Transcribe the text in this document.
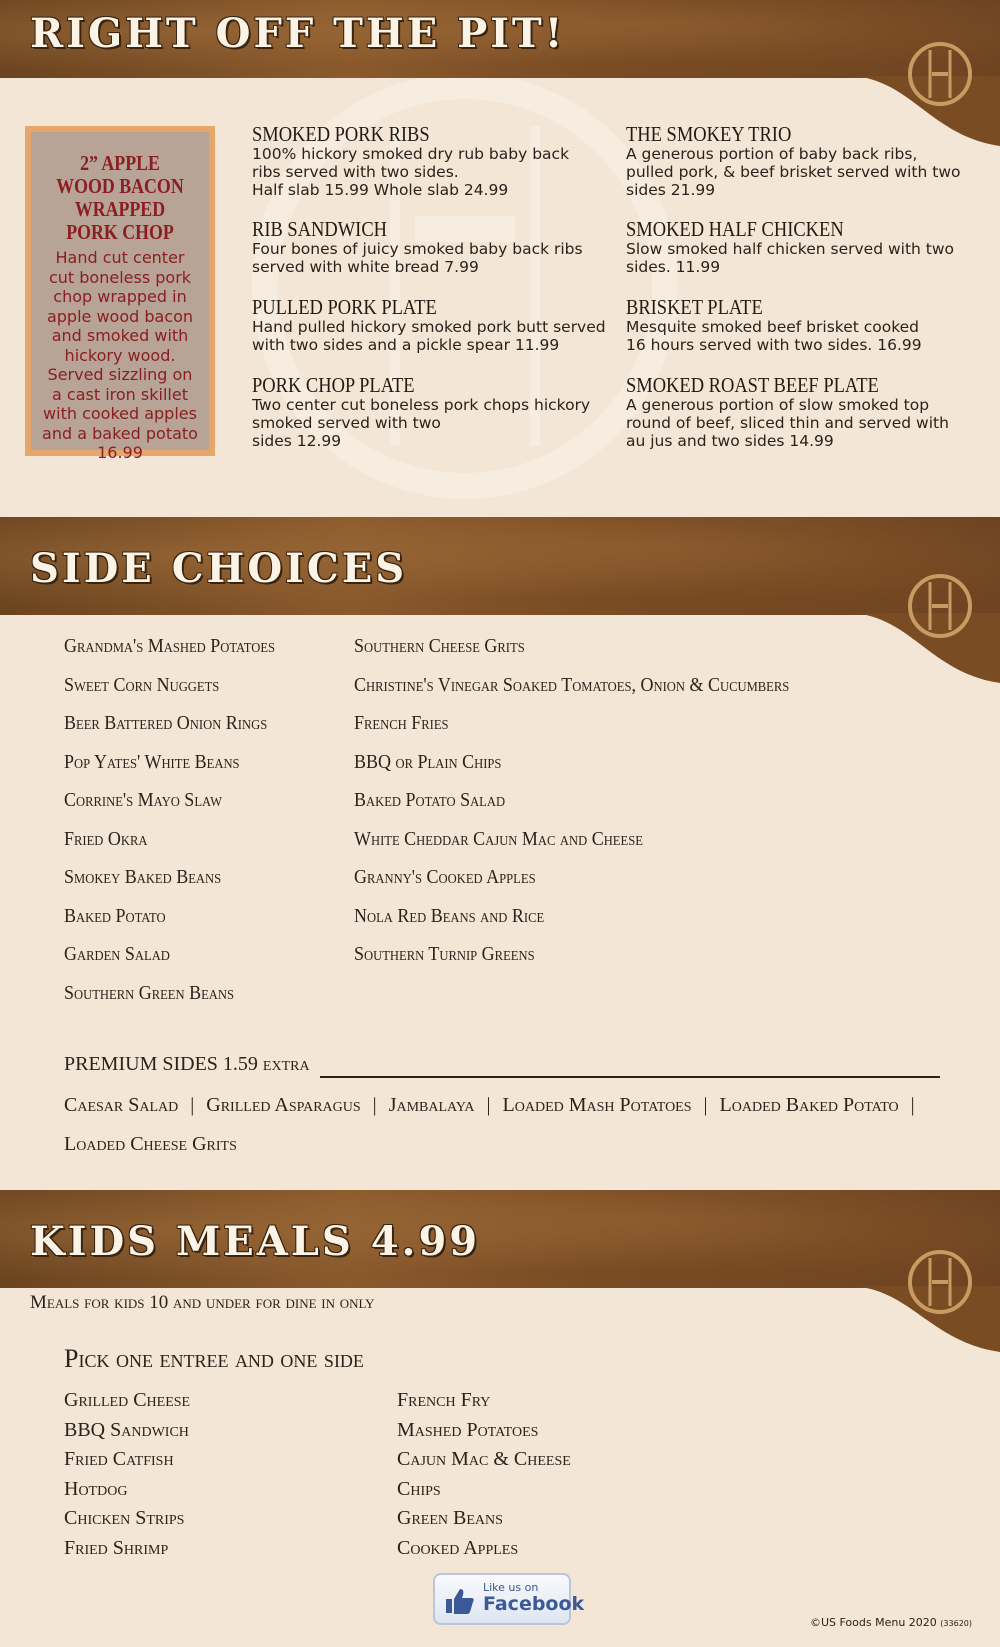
RIGHT OFF THE PIT!
2” APPLE WOOD BACON WRAPPED PORK CHOP
Hand cut center cut boneless pork chop wrapped in apple wood bacon and smoked with hickory wood. Served sizzling on a cast iron skillet with cooked apples and a baked potato 16.99
SMOKED PORK RIBS
100% hickory smoked dry rub baby back
ribs served with two sides.
Half slab 15.99 Whole slab 24.99
RIB SANDWICH
Four bones of juicy smoked baby back ribs
served with white bread 7.99
PULLED PORK PLATE
Hand pulled hickory smoked pork butt served
with two sides and a pickle spear 11.99
PORK CHOP PLATE
Two center cut boneless pork chops hickory
smoked served with two
sides 12.99
THE SMOKEY TRIO
A generous portion of baby back ribs,
pulled pork, & beef brisket served with two
sides 21.99
SMOKED HALF CHICKEN
Slow smoked half chicken served with two
sides. 11.99
BRISKET PLATE
Mesquite smoked beef brisket cooked
16 hours served with two sides. 16.99
SMOKED ROAST BEEF PLATE
A generous portion of slow smoked top
round of beef, sliced thin and served with
au jus and two sides 14.99
SIDE CHOICES
Grandma's Mashed Potatoes
Sweet Corn Nuggets
Beer Battered Onion Rings
Pop Yates' White Beans
Corrine's Mayo Slaw
Fried Okra
Smokey Baked Beans
Baked Potato
Garden Salad
Southern Green Beans
Southern Cheese Grits
Christine's Vinegar Soaked Tomatoes, Onion & Cucumbers
French Fries
BBQ or Plain Chips
Baked Potato Salad
White Cheddar Cajun Mac and Cheese
Granny's Cooked Apples
Nola Red Beans and Rice
Southern Turnip Greens
PREMIUM SIDES 1.59 extra
Caesar Salad | Grilled Asparagus | Jambalaya | Loaded Mash Potatoes | Loaded Baked Potato |
Loaded Cheese Grits
KIDS MEALS 4.99
Meals for kids 10 and under for dine in only
Pick one entree and one side
Grilled Cheese
BBQ Sandwich
Fried Catfish
Hotdog
Chicken Strips
Fried Shrimp
French Fry
Mashed Potatoes
Cajun Mac & Cheese
Chips
Green Beans
Cooked Apples
Like us on
Facebook
©US Foods Menu 2020 (33620)
